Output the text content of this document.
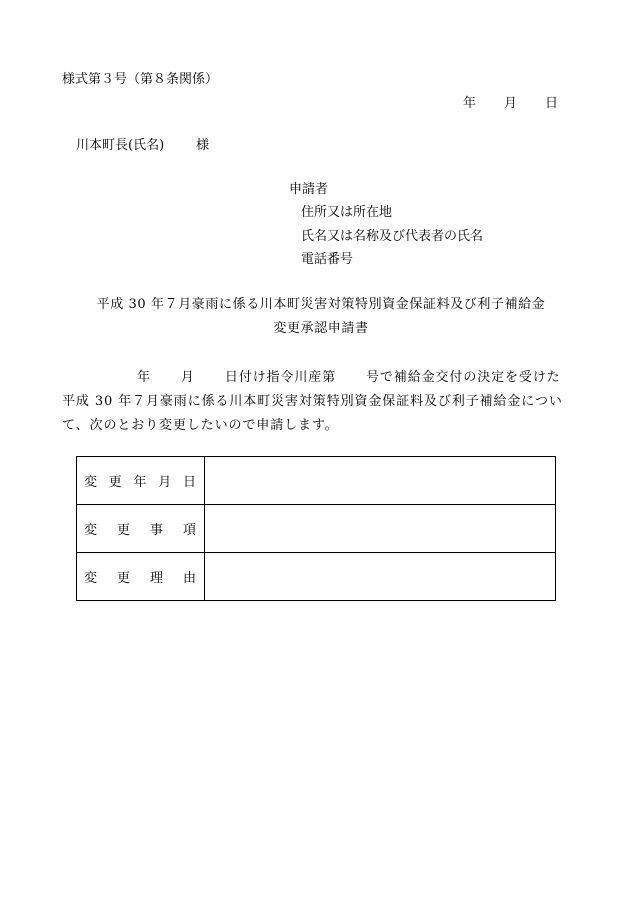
様式第３号（第８条関係）
年 月 日
川本町長(氏名) 様
申請者
住所又は所在地
氏名又は名称及び代表者の氏名
電話番号
平成 30 年７月豪雨に係る川本町災害対策特別資金保証料及び利子補給金
変更承認申請書
年 月 日付け指令川産第 号で補給金交付の決定を受けた平成 30 年７月豪雨に係る川本町災害対策特別資金保証料及び利子補給金について、次のとおり変更したいので申請します。
変 更 年 月 日	

変 更 事 項	

変 更 理 由	
